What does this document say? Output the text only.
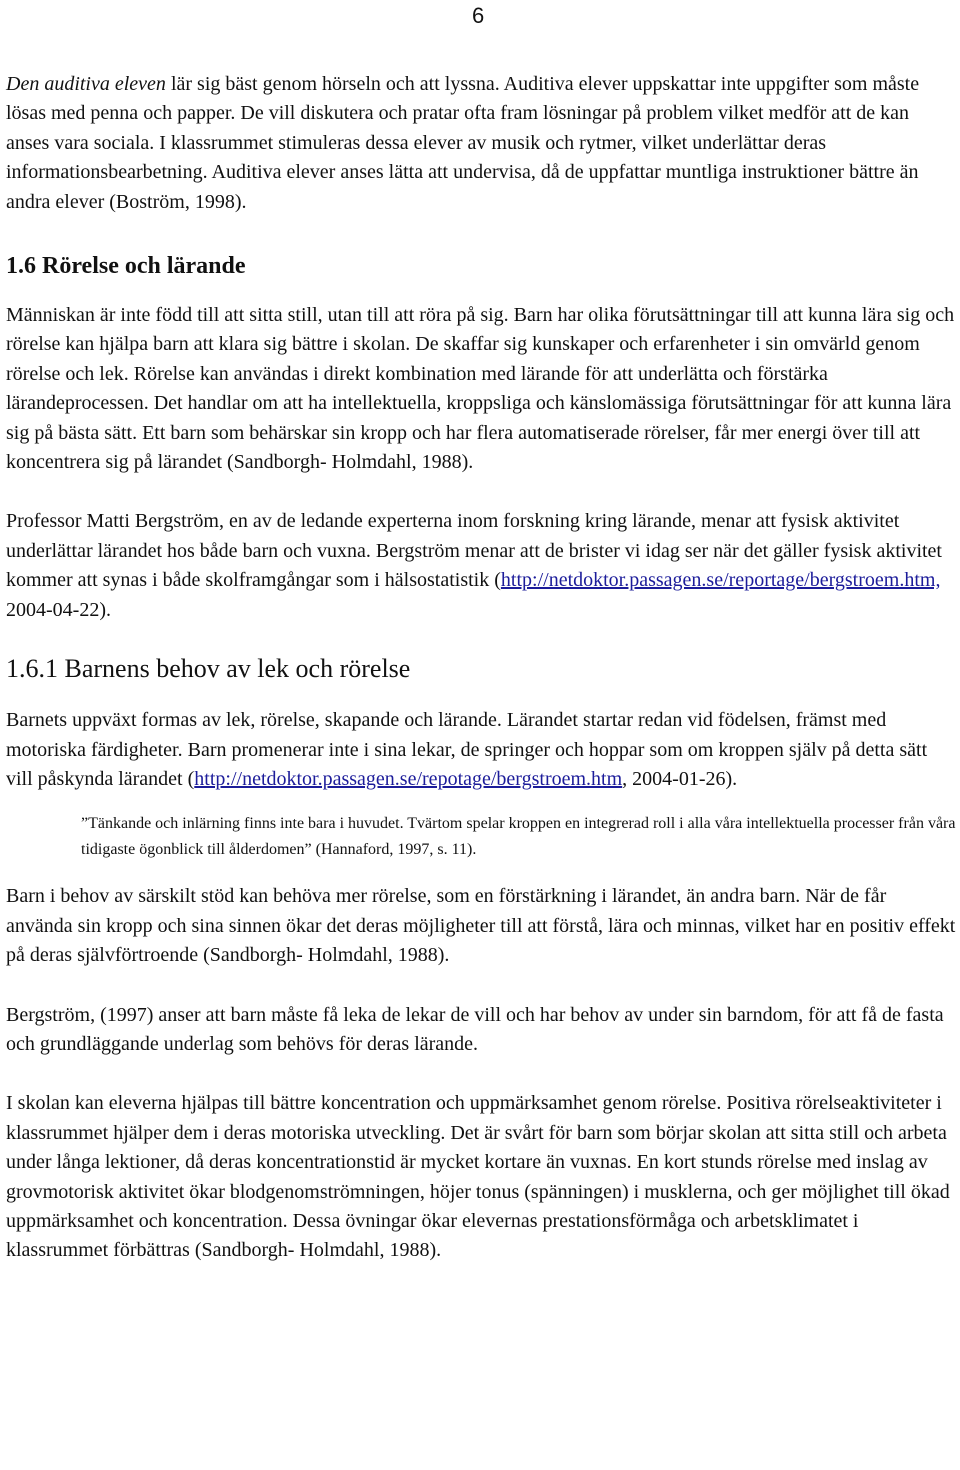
6

Den auditiva eleven lär sig bäst genom hörseln och att lyssna. Auditiva elever uppskattar inte uppgifter som måste lösas med penna och papper. De vill diskutera och pratar ofta fram lösningar på problem vilket medför att de kan anses vara sociala. I klassrummet stimuleras dessa elever av musik och rytmer, vilket underlättar deras informationsbearbetning. Auditiva elever anses lätta att undervisa, då de uppfattar muntliga instruktioner bättre än andra elever (Boström, 1998).

1.6 Rörelse och lärande

Människan är inte född till att sitta still, utan till att röra på sig. Barn har olika förutsättningar till att kunna lära sig och rörelse kan hjälpa barn att klara sig bättre i skolan. De skaffar sig kunskaper och erfarenheter i sin omvärld genom rörelse och lek. Rörelse kan användas i direkt kombination med lärande för att underlätta och förstärka lärandeprocessen. Det handlar om att ha intellektuella, kroppsliga och känslomässiga förutsättningar för att kunna lära sig på bästa sätt. Ett barn som behärskar sin kropp och har flera automatiserade rörelser, får mer energi över till att koncentrera sig på lärandet (Sandborgh- Holmdahl, 1988).

Professor Matti Bergström, en av de ledande experterna inom forskning kring lärande, menar att fysisk aktivitet underlättar lärandet hos både barn och vuxna. Bergström menar att de brister vi idag ser när det gäller fysisk aktivitet kommer att synas i både skolframgångar som i hälsostatistik (http://netdoktor.passagen.se/reportage/bergstroem.htm, 2004-04-22).

1.6.1 Barnens behov av lek och rörelse

Barnets uppväxt formas av lek, rörelse, skapande och lärande. Lärandet startar redan vid födelsen, främst med motoriska färdigheter. Barn promenerar inte i sina lekar, de springer och hoppar som om kroppen själv på detta sätt vill påskynda lärandet (http://netdoktor.passagen.se/repotage/bergstroem.htm, 2004-01-26).

”Tänkande och inlärning finns inte bara i huvudet. Tvärtom spelar kroppen en integrerad roll i alla våra intellektuella processer från våra tidigaste ögonblick till ålderdomen” (Hannaford, 1997, s. 11).

Barn i behov av särskilt stöd kan behöva mer rörelse, som en förstärkning i lärandet, än andra barn. När de får använda sin kropp och sina sinnen ökar det deras möjligheter till att förstå, lära och minnas, vilket har en positiv effekt på deras självförtroende (Sandborgh- Holmdahl, 1988).

Bergström, (1997) anser att barn måste få leka de lekar de vill och har behov av under sin barndom, för att få de fasta och grundläggande underlag som behövs för deras lärande.

I skolan kan eleverna hjälpas till bättre koncentration och uppmärksamhet genom rörelse. Positiva rörelseaktiviteter i klassrummet hjälper dem i deras motoriska utveckling. Det är svårt för barn som börjar skolan att sitta still och arbeta under långa lektioner, då deras koncentrationstid är mycket kortare än vuxnas. En kort stunds rörelse med inslag av grovmotorisk aktivitet ökar blodgenomströmningen, höjer tonus (spänningen) i musklerna, och ger möjlighet till ökad uppmärksamhet och koncentration. Dessa övningar ökar elevernas prestationsförmåga och arbetsklimatet i klassrummet förbättras (Sandborgh- Holmdahl, 1988).
